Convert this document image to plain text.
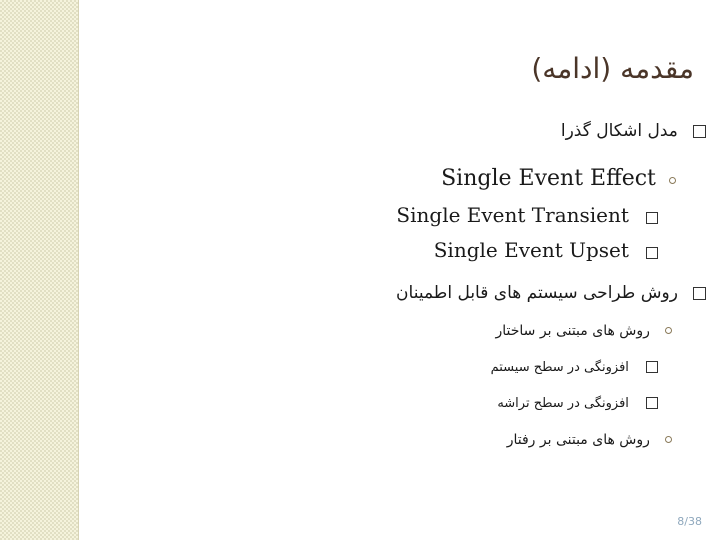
مقدمه (ادامه)
مدل اشکال گذرا
Single Event Effect
Single Event Transient
Single Event Upset
روش طراحی سیستم های قابل اطمینان
روش های مبتنی بر ساختار
افزونگی در سطح سیستم
افزونگی در سطح تراشه
روش های مبتنی بر رفتار
8/38
